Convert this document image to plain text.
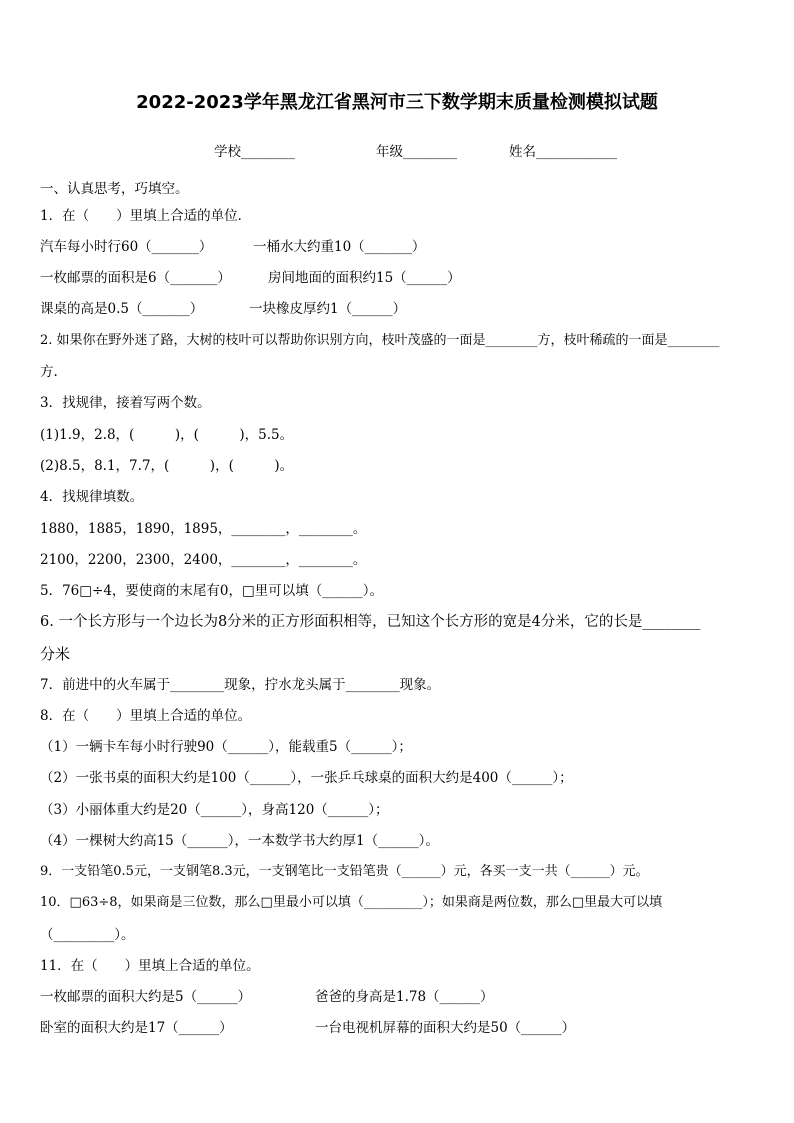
2022-2023学年黑龙江省黑河市三下数学期末质量检测模拟试题
学校________	年级________	姓名____________
一、认真思考，巧填空。
1．在（　　）里填上合适的单位．
汽车每小时行60（_______）	一桶水大约重10（_______）
一枚邮票的面积是6（_______）	房间地面的面积约15（______）
课桌的高是0.5（_______）	一块橡皮厚约1（______）
2. 如果你在野外迷了路，大树的枝叶可以帮助你识别方向，枝叶茂盛的一面是________方，枝叶稀疏的一面是________
方.
3．找规律，接着写两个数。
(1)1.9，2.8，(　　　)，(　　　)，5.5。
(2)8.5，8.1，7.7，(　　　)，(　　　)。
4．找规律填数。
1880，1885，1890，1895，________，________。
2100，2200，2300，2400，________，________。
5．76□÷4，要使商的末尾有0，□里可以填（______）。
6. 一个长方形与一个边长为8分米的正方形面积相等，已知这个长方形的宽是4分米，它的长是________
分米
7．前进中的火车属于________现象，拧水龙头属于________现象。
8．在（　　）里填上合适的单位。
（1）一辆卡车每小时行驶90（______），能载重5（______）；
（2）一张书桌的面积大约是100（______），一张乒乓球桌的面积大约是400（______）；
（3）小丽体重大约是20（______），身高120（______）；
（4）一棵树大约高15（______），一本数学书大约厚1（______）。
9．一支铅笔0.5元，一支钢笔8.3元，一支钢笔比一支铅笔贵（______）元，各买一支一共（______）元。
10．□63÷8，如果商是三位数，那么□里最小可以填（_________）；如果商是两位数，那么□里最大可以填
（_________）。
11．在（　　）里填上合适的单位。
一枚邮票的面积大约是5（______）	爸爸的身高是1.78（______）
卧室的面积大约是17（______）	一台电视机屏幕的面积大约是50（______）
